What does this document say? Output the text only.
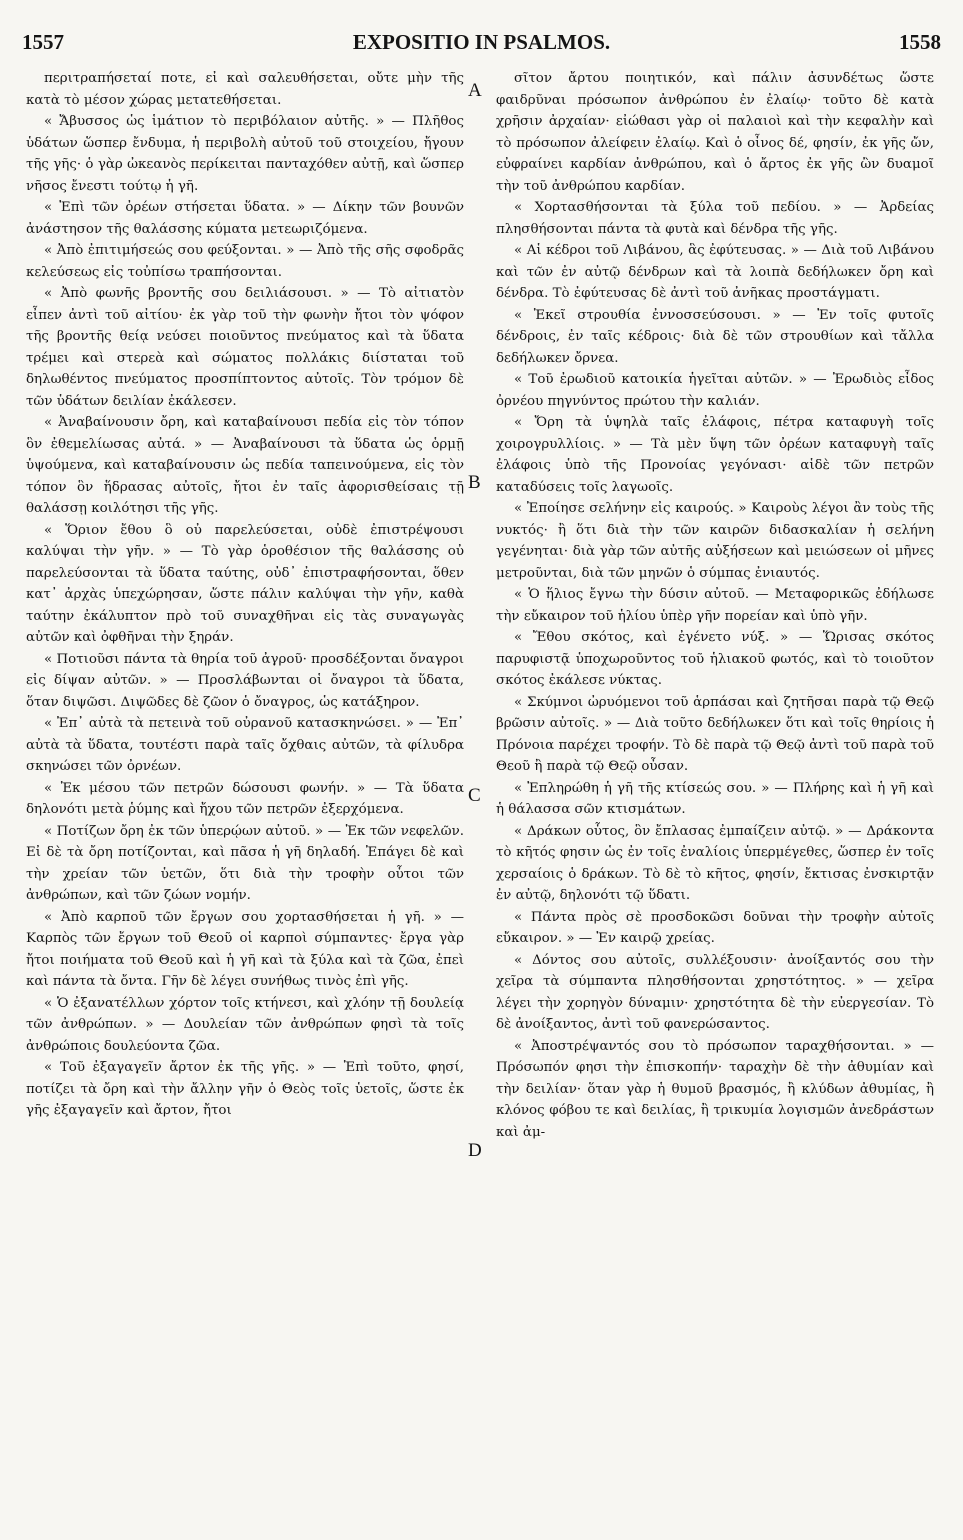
1557	EXPOSITIO IN PSALMOS.	1558

περιτραπήσεταί ποτε, εἰ καὶ σαλευθήσεται, οὔτε μὴν τῆς κατὰ τὸ μέσον χώρας μετατεθήσεται.

« Ἄβυσσος ὡς ἱμάτιον τὸ περιβόλαιον αὐτῆς. » — Πλῆθος ὑδάτων ὥσπερ ἔνδυμα, ἡ περιβολὴ αὐτοῦ τοῦ στοιχείου, ἤγουν τῆς γῆς· ὁ γὰρ ὠκεανὸς περίκειται πανταχόθεν αὐτῇ, καὶ ὥσπερ νῆσος ἔνεστι τούτῳ ἡ γῆ.

« Ἐπὶ τῶν ὀρέων στήσεται ὕδατα. » — Δίκην τῶν βουνῶν ἀνάστησον τῆς θαλάσσης κύματα μετεωριζόμενα.

« Ἀπὸ ἐπιτιμήσεώς σου φεύξονται. » — Ἀπὸ τῆς σῆς σφοδρᾶς κελεύσεως εἰς τοὐπίσω τραπήσονται.

« Ἀπὸ φωνῆς βροντῆς σου δειλιάσουσι. » — Τὸ αἰτιατὸν εἶπεν ἀντὶ τοῦ αἰτίου· ἐκ γὰρ τοῦ τὴν φωνὴν ἤτοι τὸν ψόφον τῆς βροντῆς θείᾳ νεύσει ποιοῦντος πνεύματος καὶ τὰ ὕδατα τρέμει καὶ στερεὰ καὶ σώματος πολλάκις διίσταται τοῦ δηλωθέντος πνεύματος προσπίπτοντος αὐτοῖς. Τὸν τρόμον δὲ τῶν ὑδάτων δειλίαν ἐκάλεσεν.

« Ἀναβαίνουσιν ὄρη, καὶ καταβαίνουσι πεδία εἰς τὸν τόπον ὃν ἐθεμελίωσας αὐτά. » — Ἀναβαίνουσι τὰ ὕδατα ὡς ὁρμῇ ὑψούμενα, καὶ καταβαίνουσιν ὡς πεδία ταπεινούμενα, εἰς τὸν τόπον ὃν ἥδρασας αὐτοῖς, ἤτοι ἐν ταῖς ἀφορισθείσαις τῇ θαλάσσῃ κοιλότησι τῆς γῆς.

« Ὅριον ἔθου ὃ οὐ παρελεύσεται, οὐδὲ ἐπιστρέψουσι καλύψαι τὴν γῆν. » — Τὸ γὰρ ὁροθέσιον τῆς θαλάσσης οὐ παρελεύσονται τὰ ὕδατα ταύτης, οὐδ᾽ ἐπιστραφήσονται, ὅθεν κατ᾽ ἀρχὰς ὑπεχώρησαν, ὥστε πάλιν καλύψαι τὴν γῆν, καθὰ ταύτην ἐκάλυπτον πρὸ τοῦ συναχθῆναι εἰς τὰς συναγωγὰς αὐτῶν καὶ ὀφθῆναι τὴν ξηράν.

« Ποτιοῦσι πάντα τὰ θηρία τοῦ ἀγροῦ· προσδέξονται ὄναγροι εἰς δίψαν αὐτῶν. » — Προσλάβωνται οἱ ὄναγροι τὰ ὕδατα, ὅταν διψῶσι. Διψῶδες δὲ ζῶον ὁ ὄναγρος, ὡς κατάξηρον.

« Ἐπ᾽ αὐτὰ τὰ πετεινὰ τοῦ οὐρανοῦ κατασκηνώσει. » — Ἐπ᾽ αὐτὰ τὰ ὕδατα, τουτέστι παρὰ ταῖς ὄχθαις αὐτῶν, τὰ φίλυδρα σκηνώσει τῶν ὀρνέων.

« Ἐκ μέσου τῶν πετρῶν δώσουσι φωνήν. » — Τὰ ὕδατα δηλονότι μετὰ ῥύμης καὶ ἤχου τῶν πετρῶν ἐξερχόμενα.

« Ποτίζων ὄρη ἐκ τῶν ὑπερῴων αὐτοῦ. » — Ἐκ τῶν νεφελῶν. Εἰ δὲ τὰ ὄρη ποτίζονται, καὶ πᾶσα ἡ γῆ δηλαδή. Ἐπάγει δὲ καὶ τὴν χρείαν τῶν ὑετῶν, ὅτι διὰ τὴν τροφὴν οὗτοι τῶν ἀνθρώπων, καὶ τῶν ζώων νομήν.

« Ἀπὸ καρποῦ τῶν ἔργων σου χορτασθήσεται ἡ γῆ. » — Καρπὸς τῶν ἔργων τοῦ Θεοῦ οἱ καρποὶ σύμπαντες· ἔργα γὰρ ἤτοι ποιήματα τοῦ Θεοῦ καὶ ἡ γῆ καὶ τὰ ξύλα καὶ τὰ ζῶα, ἐπεὶ καὶ πάντα τὰ ὄντα. Γῆν δὲ λέγει συνήθως τινὸς ἐπὶ γῆς.

« Ὁ ἐξανατέλλων χόρτον τοῖς κτήνεσι, καὶ χλόην τῇ δουλείᾳ τῶν ἀνθρώπων. » — Δουλείαν τῶν ἀνθρώπων φησὶ τὰ τοῖς ἀνθρώποις δουλεύοντα ζῶα.

« Τοῦ ἐξαγαγεῖν ἄρτον ἐκ τῆς γῆς. » — Ἐπὶ τοῦτο, φησί, ποτίζει τὰ ὄρη καὶ τὴν ἄλλην γῆν ὁ Θεὸς τοῖς ὑετοῖς, ὥστε ἐκ γῆς ἐξαγαγεῖν καὶ ἄρτον, ἤτοι

σῖτον ἄρτου ποιητικόν, καὶ πάλιν ἀσυνδέτως ὥστε φαιδρῦναι πρόσωπον ἀνθρώπου ἐν ἐλαίῳ· τοῦτο δὲ κατὰ χρῆσιν ἀρχαίαν· εἰώθασι γὰρ οἱ παλαιοὶ καὶ τὴν κεφαλὴν καὶ τὸ πρόσωπον ἀλείφειν ἐλαίῳ. Καὶ ὁ οἶνος δέ, φησίν, ἐκ γῆς ὤν, εὐφραίνει καρδίαν ἀνθρώπου, καὶ ὁ ἄρτος ἐκ γῆς ὢν δυαμοῖ τὴν τοῦ ἀνθρώπου καρδίαν.

« Χορτασθήσονται τὰ ξύλα τοῦ πεδίου. » — Ἀρδείας πλησθήσονται πάντα τὰ φυτὰ καὶ δένδρα τῆς γῆς.

« Αἱ κέδροι τοῦ Λιβάνου, ἃς ἐφύτευσας. » — Διὰ τοῦ Λιβάνου καὶ τῶν ἐν αὐτῷ δένδρων καὶ τὰ λοιπὰ δεδήλωκεν ὄρη καὶ δένδρα. Τὸ ἐφύτευσας δὲ ἀντὶ τοῦ ἀνῆκας προστάγματι.

« Ἐκεῖ στρουθία ἐννοσσεύσουσι. » — Ἐν τοῖς φυτοῖς δένδροις, ἐν ταῖς κέδροις· διὰ δὲ τῶν στρουθίων καὶ τἄλλα δεδήλωκεν ὄρνεα.

« Τοῦ ἐρωδιοῦ κατοικία ἡγεῖται αὐτῶν. » — Ἐρωδιὸς εἶδος ὀρνέου πηγνύντος πρώτου τὴν καλιάν.

« Ὄρη τὰ ὑψηλὰ ταῖς ἐλάφοις, πέτρα καταφυγὴ τοῖς χοιρογρυλλίοις. » — Τὰ μὲν ὕψη τῶν ὀρέων καταφυγὴ ταῖς ἐλάφοις ὑπὸ τῆς Προνοίας γεγόνασι· αἱδὲ τῶν πετρῶν καταδύσεις τοῖς λαγωοῖς.

« Ἐποίησε σελήνην εἰς καιρούς. » Καιροὺς λέγοι ἂν τοὺς τῆς νυκτός· ἢ ὅτι διὰ τὴν τῶν καιρῶν διδασκαλίαν ἡ σελήνη γεγένηται· διὰ γὰρ τῶν αὐτῆς αὐξήσεων καὶ μειώσεων οἱ μῆνες μετροῦνται, διὰ τῶν μηνῶν ὁ σύμπας ἐνιαυτός.

« Ὁ ἥλιος ἔγνω τὴν δύσιν αὐτοῦ. — Μεταφορικῶς ἐδήλωσε τὴν εὔκαιρον τοῦ ἡλίου ὑπὲρ γῆν πορείαν καὶ ὑπὸ γῆν.

« Ἔθου σκότος, καὶ ἐγένετο νύξ. » — Ὥρισας σκότος παρυφιστᾷ ὑποχωροῦντος τοῦ ἡλιακοῦ φωτός, καὶ τὸ τοιοῦτον σκότος ἐκάλεσε νύκτας.

« Σκύμνοι ὠρυόμενοι τοῦ ἁρπάσαι καὶ ζητῆσαι παρὰ τῷ Θεῷ βρῶσιν αὐτοῖς. » — Διὰ τοῦτο δεδήλωκεν ὅτι καὶ τοῖς θηρίοις ἡ Πρόνοια παρέχει τροφήν. Τὸ δὲ παρὰ τῷ Θεῷ ἀντὶ τοῦ παρὰ τοῦ Θεοῦ ἢ παρὰ τῷ Θεῷ οὖσαν.

« Ἐπληρώθη ἡ γῆ τῆς κτίσεώς σου. » — Πλήρης καὶ ἡ γῆ καὶ ἡ θάλασσα σῶν κτισμάτων.

« Δράκων οὗτος, ὃν ἔπλασας ἐμπαίζειν αὐτῷ. » — Δράκοντα τὸ κῆτός φησιν ὡς ἐν τοῖς ἐναλίοις ὑπερμέγεθες, ὥσπερ ἐν τοῖς χερσαίοις ὁ δράκων. Τὸ δὲ τὸ κῆτος, φησίν, ἔκτισας ἐνσκιρτᾷν ἐν αὐτῷ, δηλονότι τῷ ὕδατι.

« Πάντα πρὸς σὲ προσδοκῶσι δοῦναι τὴν τροφὴν αὐτοῖς εὔκαιρον. » — Ἐν καιρῷ χρείας.

« Δόντος σου αὐτοῖς, συλλέξουσιν· ἀνοίξαντός σου τὴν χεῖρα τὰ σύμπαντα πλησθήσονται χρηστότητος. » — χεῖρα λέγει τὴν χορηγὸν δύναμιν· χρηστότητα δὲ τὴν εὐεργεσίαν. Τὸ δὲ ἀνοίξαντος, ἀντὶ τοῦ φανερώσαντος.

« Ἀποστρέψαντός σου τὸ πρόσωπον ταραχθήσονται. » — Πρόσωπόν φησι τὴν ἐπισκοπήν· ταραχὴν δὲ τὴν ἀθυμίαν καὶ τὴν δειλίαν· ὅταν γὰρ ἡ θυμοῦ βρασμός, ἢ κλύδων ἀθυμίας, ἢ κλόνος φόβου τε καὶ δειλίας, ἢ τρικυμία λογισμῶν ἀνεδράστων καὶ ἀμ-

A
B
C
D
